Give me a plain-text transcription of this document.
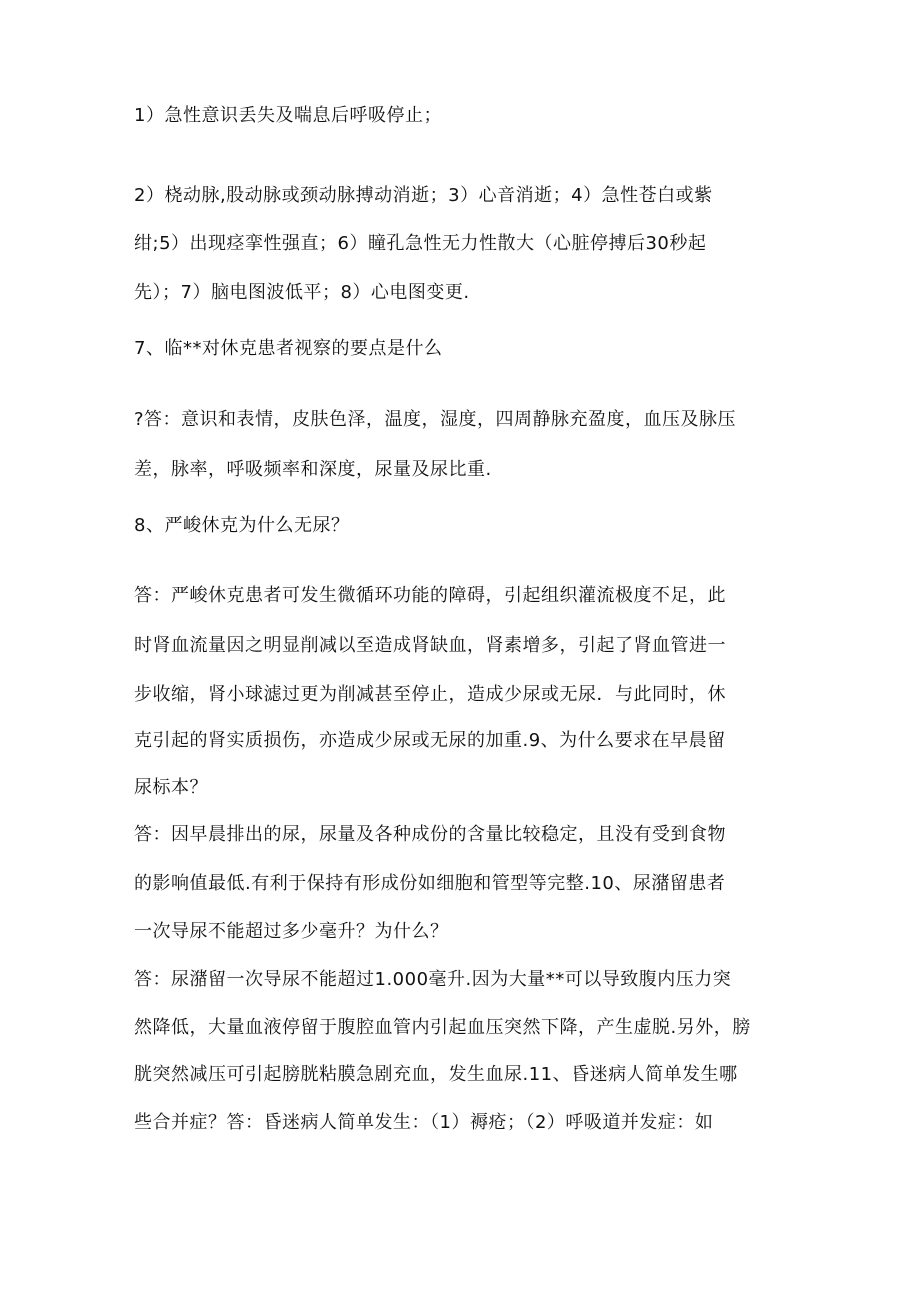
1）急性意识丢失及喘息后呼吸停止；
2）桡动脉,股动脉或颈动脉搏动消逝；3）心音消逝；4）急性苍白或紫
绀;5）出现痉挛性强直；6）瞳孔急性无力性散大（心脏停搏后30秒起
先）；7）脑电图波低平；8）心电图变更.
7、临**对休克患者视察的要点是什么
?答：意识和表情，皮肤色泽，温度，湿度，四周静脉充盈度，血压及脉压
差，脉率，呼吸频率和深度，尿量及尿比重.
8、严峻休克为什么无尿？
答：严峻休克患者可发生微循环功能的障碍，引起组织灌流极度不足，此
时肾血流量因之明显削减以至造成肾缺血，肾素增多，引起了肾血管进一
步收缩，肾小球滤过更为削减甚至停止，造成少尿或无尿．与此同时，休
克引起的肾实质损伤，亦造成少尿或无尿的加重.9、为什么要求在早晨留
尿标本？
答：因早晨排出的尿，尿量及各种成份的含量比较稳定，且没有受到食物
的影响值最低.有利于保持有形成份如细胞和管型等完整.10、尿潴留患者
一次导尿不能超过多少毫升？为什么？
答：尿潴留一次导尿不能超过1.000毫升.因为大量**可以导致腹内压力突
然降低，大量血液停留于腹腔血管内引起血压突然下降，产生虚脱.另外，膀
胱突然减压可引起膀胱粘膜急剧充血，发生血尿.11、昏迷病人简单发生哪
些合并症？答：昏迷病人简单发生：（1）褥疮；（2）呼吸道并发症：如
